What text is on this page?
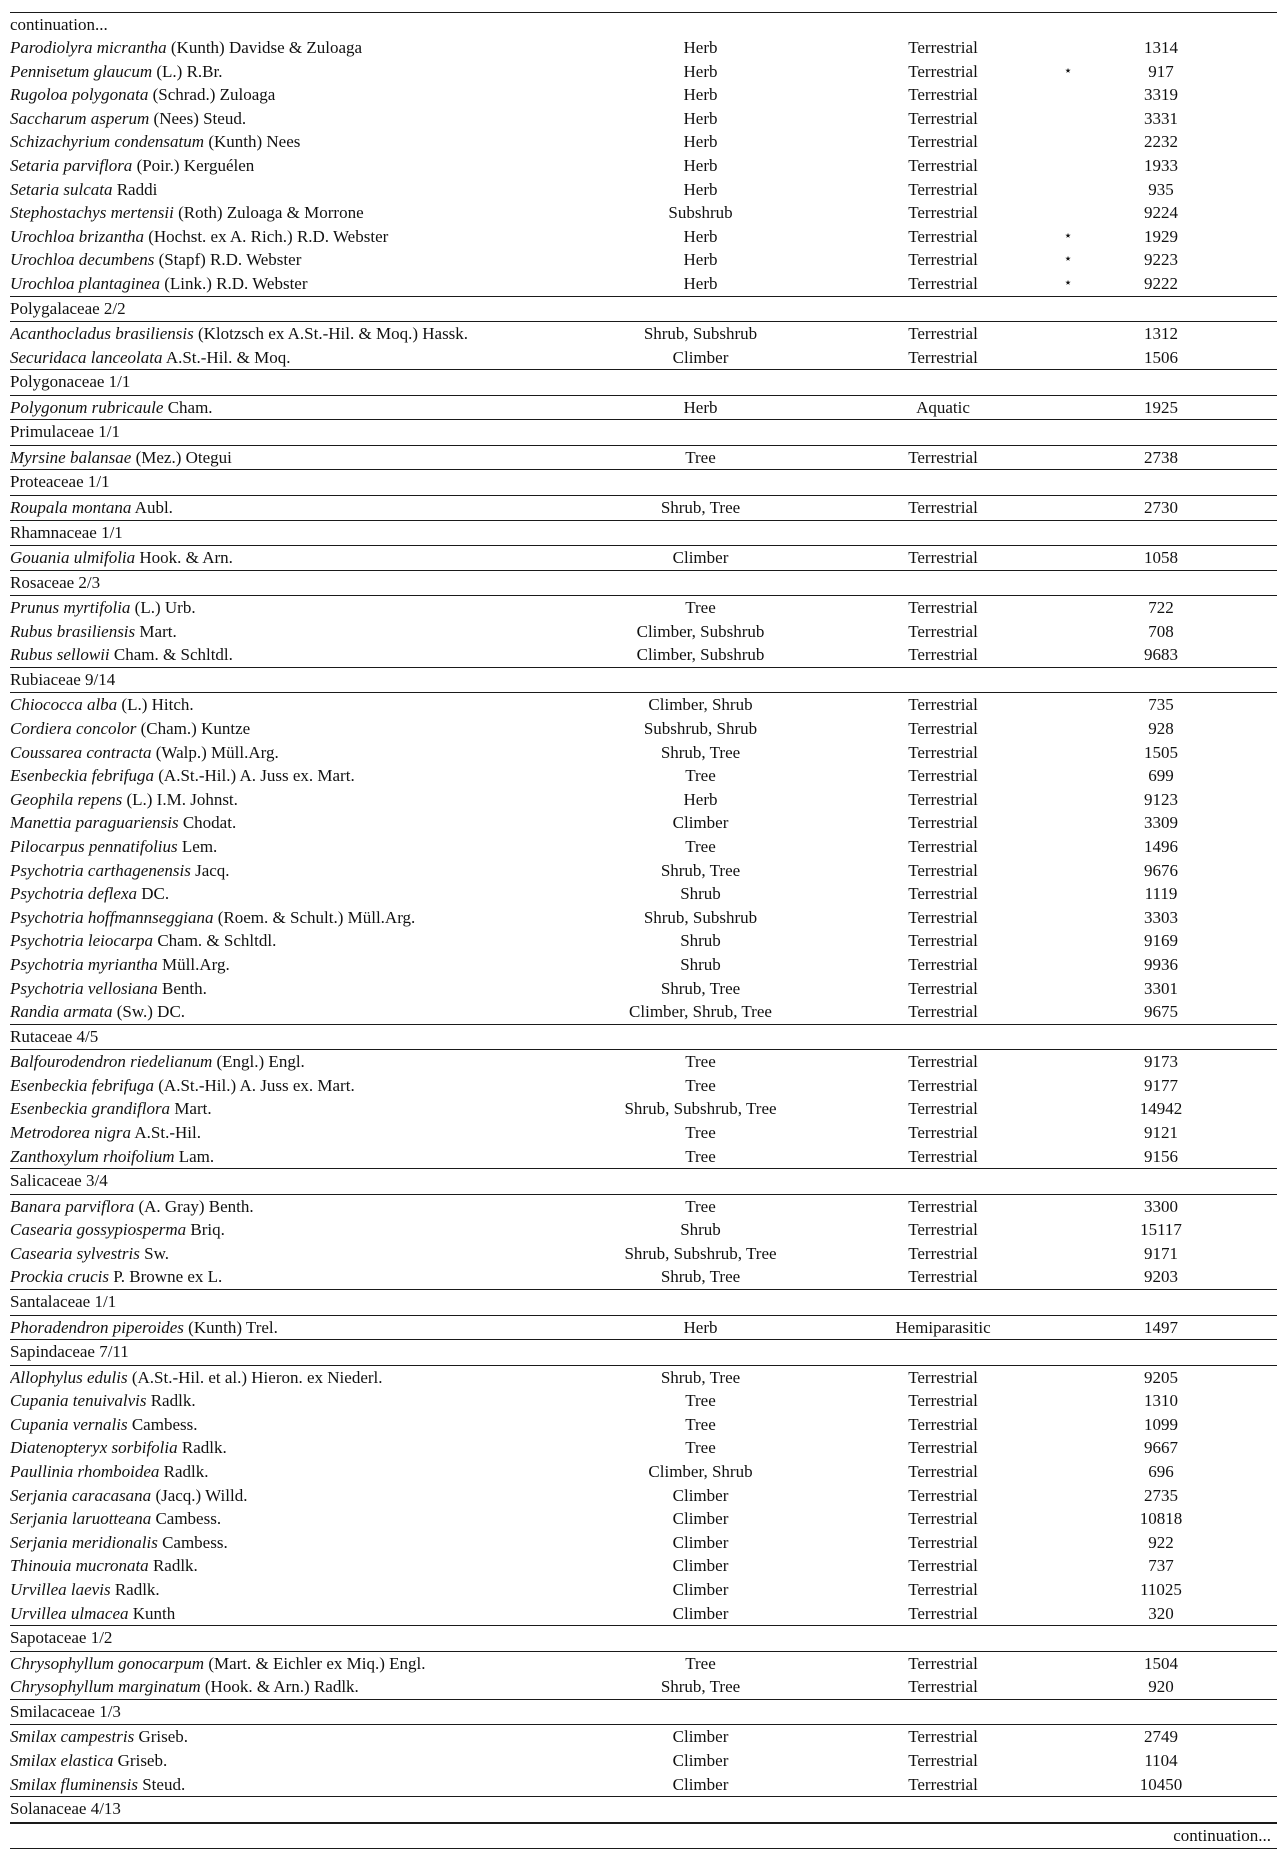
continuation...
Parodiolyra micrantha (Kunth) Davidse & Zuloaga	Herb	Terrestrial	1314
Pennisetum glaucum (L.) R.Br.	Herb	Terrestrial	⋆	917
Rugoloa polygonata (Schrad.) Zuloaga	Herb	Terrestrial	3319
Saccharum asperum (Nees) Steud.	Herb	Terrestrial	3331
Schizachyrium condensatum (Kunth) Nees	Herb	Terrestrial	2232
Setaria parviflora (Poir.) Kerguélen	Herb	Terrestrial	1933
Setaria sulcata Raddi	Herb	Terrestrial	935
Stephostachys mertensii (Roth) Zuloaga & Morrone	Subshrub	Terrestrial	9224
Urochloa brizantha (Hochst. ex A. Rich.) R.D. Webster	Herb	Terrestrial	⋆	1929
Urochloa decumbens (Stapf) R.D. Webster	Herb	Terrestrial	⋆	9223
Urochloa plantaginea (Link.) R.D. Webster	Herb	Terrestrial	⋆	9222
Polygalaceae 2/2
Acanthocladus brasiliensis (Klotzsch ex A.St.-Hil. & Moq.) Hassk.	Shrub, Subshrub	Terrestrial	1312
Securidaca lanceolata A.St.-Hil. & Moq.	Climber	Terrestrial	1506
Polygonaceae 1/1
Polygonum rubricaule Cham.	Herb	Aquatic	1925
Primulaceae 1/1
Myrsine balansae (Mez.) Otegui	Tree	Terrestrial	2738
Proteaceae 1/1
Roupala montana Aubl.	Shrub, Tree	Terrestrial	2730
Rhamnaceae 1/1
Gouania ulmifolia Hook. & Arn.	Climber	Terrestrial	1058
Rosaceae 2/3
Prunus myrtifolia (L.) Urb.	Tree	Terrestrial	722
Rubus brasiliensis Mart.	Climber, Subshrub	Terrestrial	708
Rubus sellowii Cham. & Schltdl.	Climber, Subshrub	Terrestrial	9683
Rubiaceae 9/14
Chiococca alba (L.) Hitch.	Climber, Shrub	Terrestrial	735
Cordiera concolor (Cham.) Kuntze	Subshrub, Shrub	Terrestrial	928
Coussarea contracta (Walp.) Müll.Arg.	Shrub, Tree	Terrestrial	1505
Esenbeckia febrifuga (A.St.-Hil.) A. Juss ex. Mart.	Tree	Terrestrial	699
Geophila repens (L.) I.M. Johnst.	Herb	Terrestrial	9123
Manettia paraguariensis Chodat.	Climber	Terrestrial	3309
Pilocarpus pennatifolius Lem.	Tree	Terrestrial	1496
Psychotria carthagenensis Jacq.	Shrub, Tree	Terrestrial	9676
Psychotria deflexa DC.	Shrub	Terrestrial	1119
Psychotria hoffmannseggiana (Roem. & Schult.) Müll.Arg.	Shrub, Subshrub	Terrestrial	3303
Psychotria leiocarpa Cham. & Schltdl.	Shrub	Terrestrial	9169
Psychotria myriantha Müll.Arg.	Shrub	Terrestrial	9936
Psychotria vellosiana Benth.	Shrub, Tree	Terrestrial	3301
Randia armata (Sw.) DC.	Climber, Shrub, Tree	Terrestrial	9675
Rutaceae 4/5
Balfourodendron riedelianum (Engl.) Engl.	Tree	Terrestrial	9173
Esenbeckia febrifuga (A.St.-Hil.) A. Juss ex. Mart.	Tree	Terrestrial	9177
Esenbeckia grandiflora Mart.	Shrub, Subshrub, Tree	Terrestrial	14942
Metrodorea nigra A.St.-Hil.	Tree	Terrestrial	9121
Zanthoxylum rhoifolium Lam.	Tree	Terrestrial	9156
Salicaceae 3/4
Banara parviflora (A. Gray) Benth.	Tree	Terrestrial	3300
Casearia gossypiosperma Briq.	Shrub	Terrestrial	15117
Casearia sylvestris Sw.	Shrub, Subshrub, Tree	Terrestrial	9171
Prockia crucis P. Browne ex L.	Shrub, Tree	Terrestrial	9203
Santalaceae 1/1
Phoradendron piperoides (Kunth) Trel.	Herb	Hemiparasitic	1497
Sapindaceae 7/11
Allophylus edulis (A.St.-Hil. et al.) Hieron. ex Niederl.	Shrub, Tree	Terrestrial	9205
Cupania tenuivalvis Radlk.	Tree	Terrestrial	1310
Cupania vernalis Cambess.	Tree	Terrestrial	1099
Diatenopteryx sorbifolia Radlk.	Tree	Terrestrial	9667
Paullinia rhomboidea Radlk.	Climber, Shrub	Terrestrial	696
Serjania caracasana (Jacq.) Willd.	Climber	Terrestrial	2735
Serjania laruotteana Cambess.	Climber	Terrestrial	10818
Serjania meridionalis Cambess.	Climber	Terrestrial	922
Thinouia mucronata Radlk.	Climber	Terrestrial	737
Urvillea laevis Radlk.	Climber	Terrestrial	11025
Urvillea ulmacea Kunth	Climber	Terrestrial	320
Sapotaceae 1/2
Chrysophyllum gonocarpum (Mart. & Eichler ex Miq.) Engl.	Tree	Terrestrial	1504
Chrysophyllum marginatum (Hook. & Arn.) Radlk.	Shrub, Tree	Terrestrial	920
Smilacaceae 1/3
Smilax campestris Griseb.	Climber	Terrestrial	2749
Smilax elastica Griseb.	Climber	Terrestrial	1104
Smilax fluminensis Steud.	Climber	Terrestrial	10450
Solanaceae 4/13
continuation...
